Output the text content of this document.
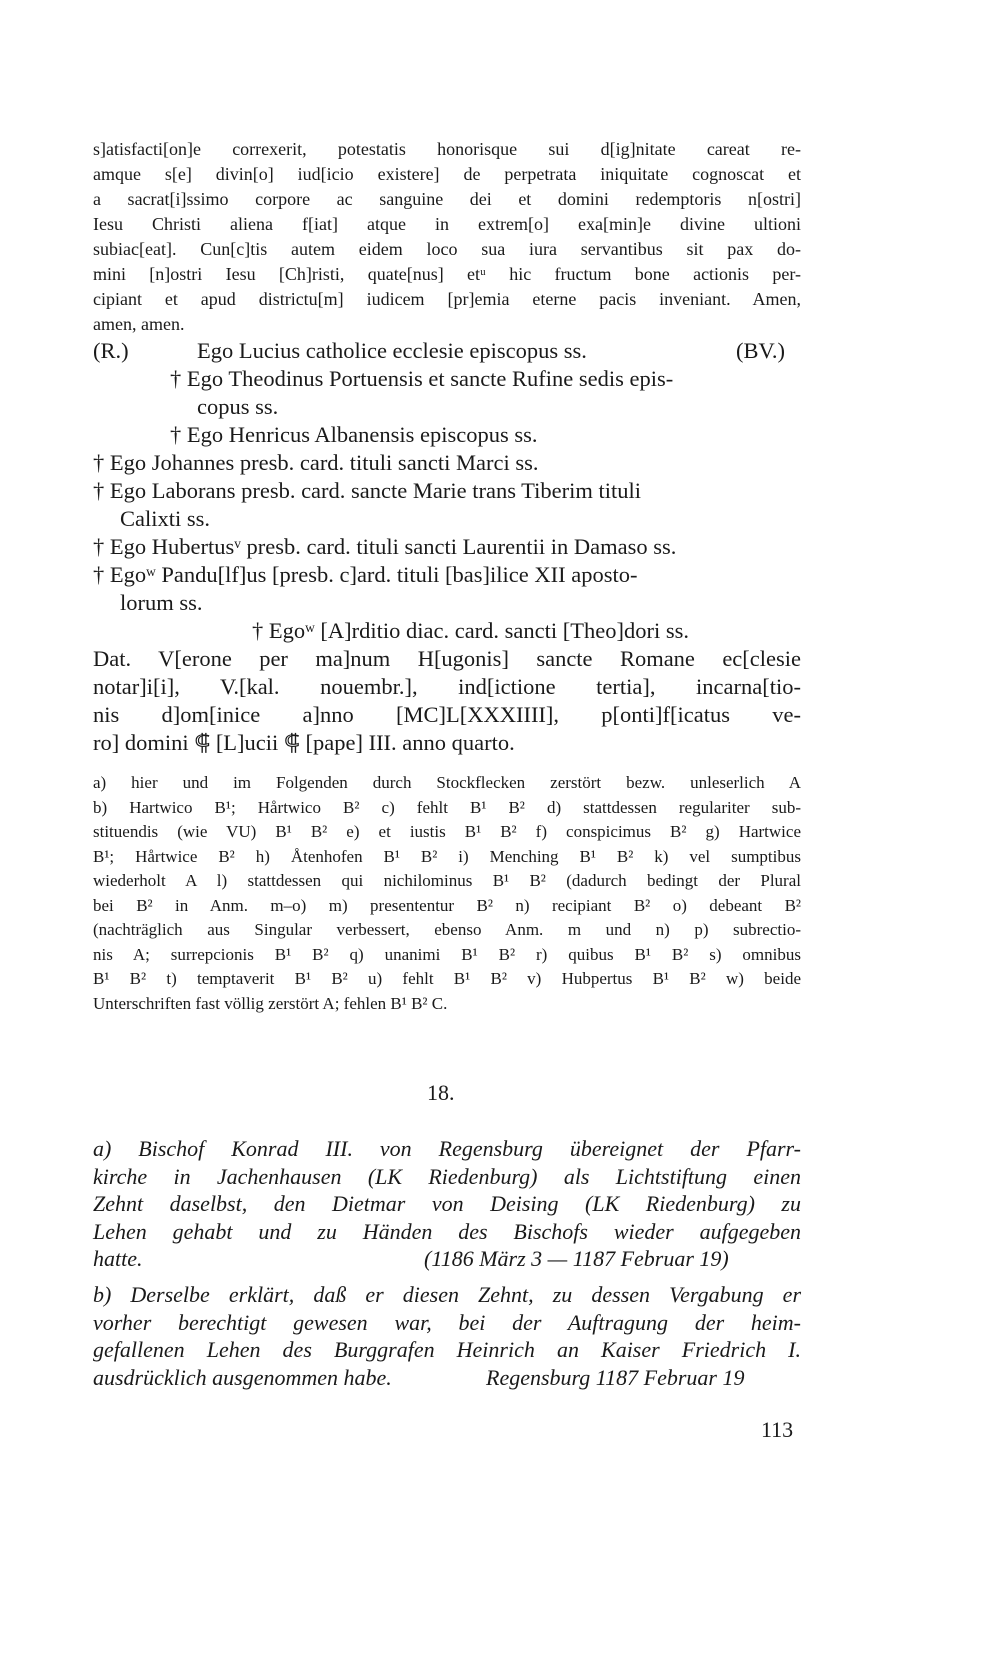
s]atisfacti[on]e correxerit, potestatis honorisque sui d[ig]nitate careat re-
amque s[e] divin[o] iud[icio existere] de perpetrata iniquitate cognoscat et
a sacrat[i]ssimo corpore ac sanguine dei et domini redemptoris n[ostri]
Iesu Christi aliena f[iat] atque in extrem[o] exa[min]e divine ultioni
subiac[eat]. Cun[c]tis autem eidem loco sua iura servantibus sit pax do-
mini [n]ostri Iesu [Ch]risti, quate[nus] etᵘ hic fructum bone actionis per-
cipiant et apud districtu[m] iudicem [pr]emia eterne pacis inveniant. Amen,
amen, amen.
(R.)	Ego Lucius catholice ecclesie episcopus ss.	(BV.)
† Ego Theodinus Portuensis et sancte Rufine sedis epis-
copus ss.
† Ego Henricus Albanensis episcopus ss.
† Ego Johannes presb. card. tituli sancti Marci ss.
† Ego Laborans presb. card. sancte Marie trans Tiberim tituli
Calixti ss.
† Ego Hubertusᵛ presb. card. tituli sancti Laurentii in Damaso ss.
† Egoʷ Pandu[lf]us [presb. c]ard. tituli [bas]ilice XII aposto-
lorum ss.
† Egoʷ [A]rditio diac. card. sancti [Theo]dori ss.
Dat. V[erone per ma]num H[ugonis] sancte Romane ec[clesie
notar]i[i], V.[kal. nouembr.], ind[ictione tertia], incarna[tio-
nis d]om[inice a]nno [MC]L[XXXIIII], p[onti]f[icatus ve-
ro] domini ⸿ [L]ucii ⸿ [pape] III. anno quarto.
a) hier und im Folgenden durch Stockflecken zerstört bezw. unleserlich A
b) Hartwico B¹; Hårtwico B² c) fehlt B¹ B² d) stattdessen regulariter sub-
stituendis (wie VU) B¹ B² e) et iustis B¹ B² f) conspicimus B² g) Hartwice
B¹; Hårtwice B² h) Åtenhofen B¹ B² i) Menching B¹ B² k) vel sumptibus
wiederholt A l) stattdessen qui nichilominus B¹ B² (dadurch bedingt der Plural
bei B² in Anm. m–o) m) presententur B² n) recipiant B² o) debeant B²
(nachträglich aus Singular verbessert, ebenso Anm. m und n) p) subrectio-
nis A; surrepcionis B¹ B² q) unanimi B¹ B² r) quibus B¹ B² s) omnibus
B¹ B² t) temptaverit B¹ B² u) fehlt B¹ B² v) Hubpertus B¹ B² w) beide
Unterschriften fast völlig zerstört A; fehlen B¹ B² C.
18.
a) Bischof Konrad III. von Regensburg übereignet der Pfarr-
kirche in Jachenhausen (LK Riedenburg) als Lichtstiftung einen
Zehnt daselbst, den Dietmar von Deising (LK Riedenburg) zu
Lehen gehabt und zu Händen des Bischofs wieder aufgegeben
hatte.	(1186 März 3 — 1187 Februar 19)
b) Derselbe erklärt, daß er diesen Zehnt, zu dessen Vergabung er
vorher berechtigt gewesen war, bei der Auftragung der heim-
gefallenen Lehen des Burggrafen Heinrich an Kaiser Friedrich I.
ausdrücklich ausgenommen habe.	Regensburg 1187 Februar 19
113
